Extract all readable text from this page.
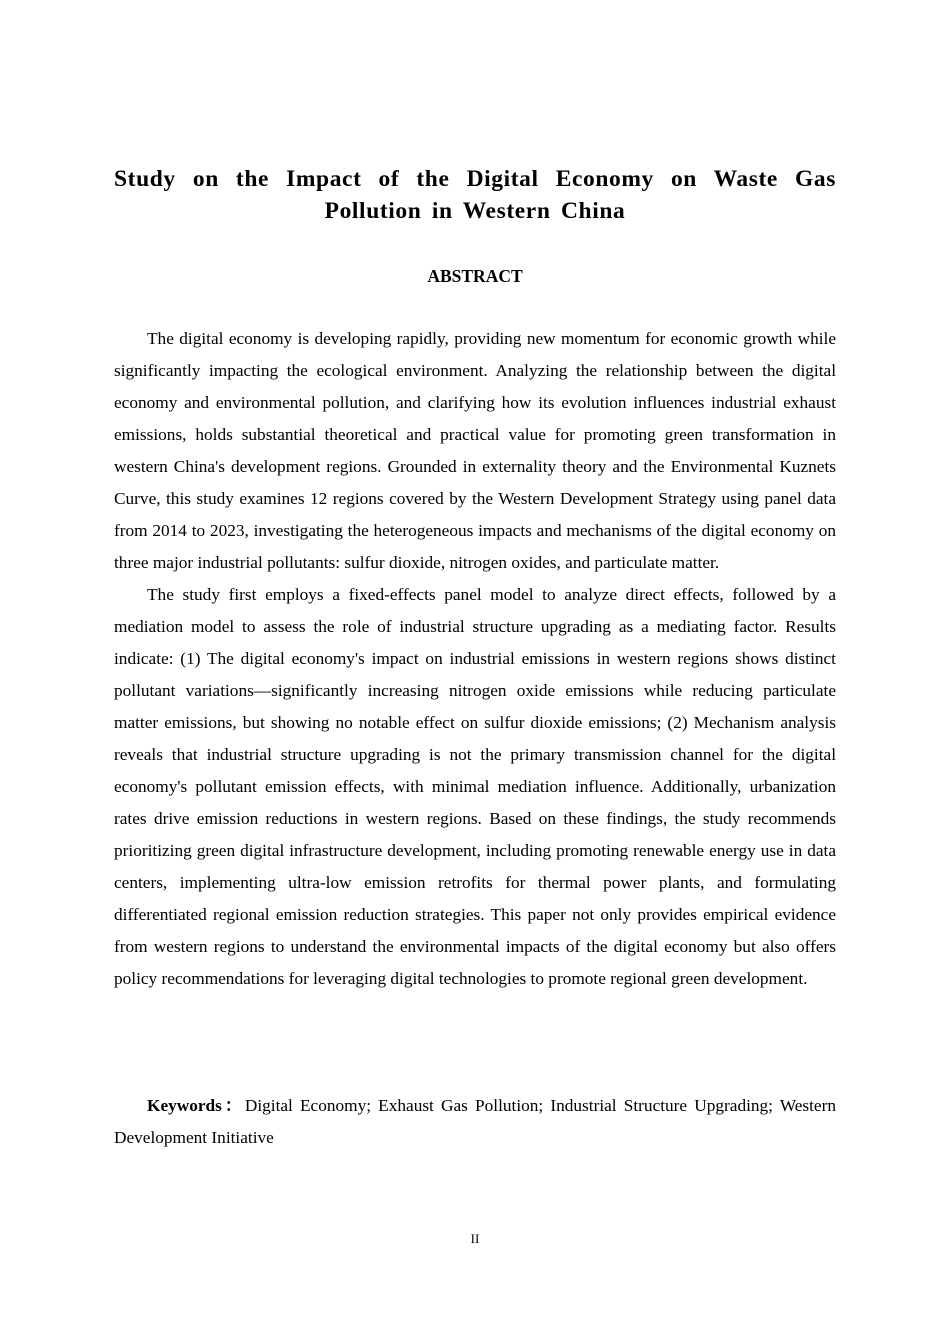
Study on the Impact of the Digital Economy on Waste Gas Pollution in Western China
ABSTRACT

The digital economy is developing rapidly, providing new momentum for economic growth while significantly impacting the ecological environment. Analyzing the relationship between the digital economy and environmental pollution, and clarifying how its evolution influences industrial exhaust emissions, holds substantial theoretical and practical value for promoting green transformation in western China's development regions. Grounded in externality theory and the Environmental Kuznets Curve, this study examines 12 regions covered by the Western Development Strategy using panel data from 2014 to 2023, investigating the heterogeneous impacts and mechanisms of the digital economy on three major industrial pollutants: sulfur dioxide, nitrogen oxides, and particulate matter.

The study first employs a fixed-effects panel model to analyze direct effects, followed by a mediation model to assess the role of industrial structure upgrading as a mediating factor. Results indicate: (1) The digital economy's impact on industrial emissions in western regions shows distinct pollutant variations—significantly increasing nitrogen oxide emissions while reducing particulate matter emissions, but showing no notable effect on sulfur dioxide emissions; (2) Mechanism analysis reveals that industrial structure upgrading is not the primary transmission channel for the digital economy's pollutant emission effects, with minimal mediation influence. Additionally, urbanization rates drive emission reductions in western regions. Based on these findings, the study recommends prioritizing green digital infrastructure development, including promoting renewable energy use in data centers, implementing ultra-low emission retrofits for thermal power plants, and formulating differentiated regional emission reduction strategies. This paper not only provides empirical evidence from western regions to understand the environmental impacts of the digital economy but also offers policy recommendations for leveraging digital technologies to promote regional green development.

Keywords：Digital Economy; Exhaust Gas Pollution; Industrial Structure Upgrading; Western Development Initiative

II
